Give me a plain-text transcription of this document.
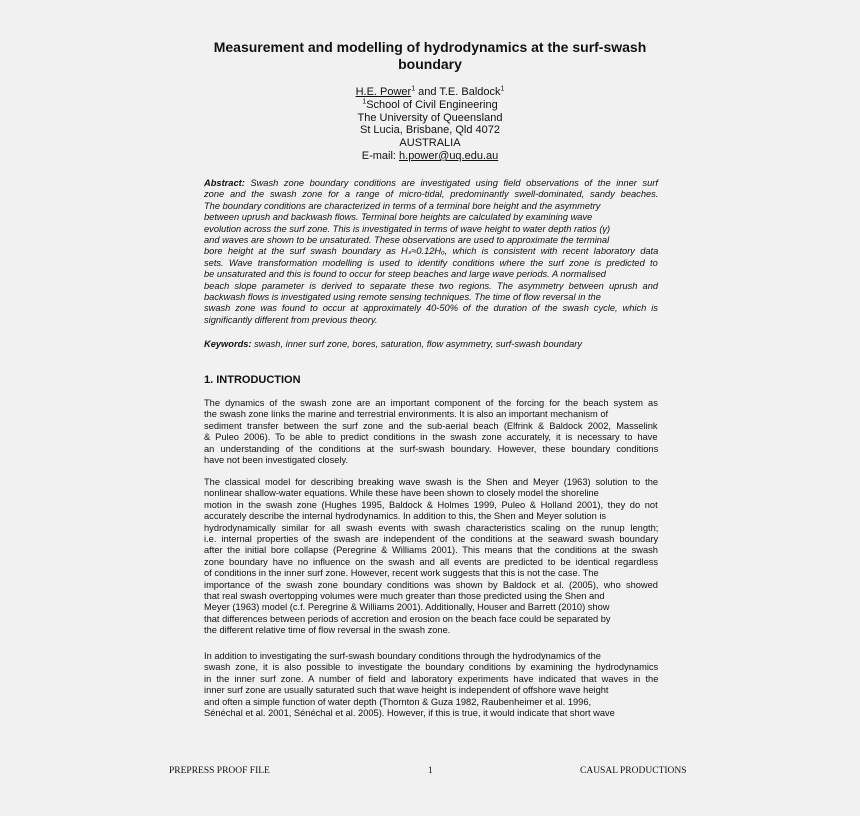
Measurement and modelling of hydrodynamics at the surf-swash
boundary

H.E. Power$^1$ and T.E. Baldock$^1$

$^1$School of Civil Engineering

The University of Queensland

St Lucia, Brisbane, Qld 4072

AUSTRALIA

E-mail: h.power@uq.edu.au

Abstract: Swash zone boundary conditions are investigated using field observations of the inner surf
zone and the swash zone for a range of micro-tidal, predominantly swell-dominated, sandy beaches.
The boundary conditions are characterized in terms of a terminal bore height and the asymmetry
between uprush and backwash flows. Terminal bore heights are calculated by examining wave
evolution across the surf zone. This is investigated in terms of wave height to water depth ratios (γ)
and waves are shown to be unsaturated. These observations are used to approximate the terminal
bore height at the surf swash boundary as Hₛ≈0.12Hₒ, which is consistent with recent laboratory data
sets. Wave transformation modelling is used to identify conditions where the surf zone is predicted to
be unsaturated and this is found to occur for steep beaches and large wave periods. A normalised
beach slope parameter is derived to separate these two regions. The asymmetry between uprush and
backwash flows is investigated using remote sensing techniques. The time of flow reversal in the
swash zone was found to occur at approximately 40-50% of the duration of the swash cycle, which is
significantly different from previous theory.

Keywords: swash, inner surf zone, bores, saturation, flow asymmetry, surf-swash boundary

1. INTRODUCTION
The dynamics of the swash zone are an important component of the forcing for the beach system as
the swash zone links the marine and terrestrial environments. It is also an important mechanism of
sediment transfer between the surf zone and the sub-aerial beach (Elfrink & Baldock 2002, Masselink
& Puleo 2006). To be able to predict conditions in the swash zone accurately, it is necessary to have
an understanding of the conditions at the surf-swash boundary. However, these boundary conditions
have not been investigated closely.
The classical model for describing breaking wave swash is the Shen and Meyer (1963) solution to the
nonlinear shallow-water equations. While these have been shown to closely model the shoreline
motion in the swash zone (Hughes 1995, Baldock & Holmes 1999, Puleo & Holland 2001), they do not
accurately describe the internal hydrodynamics. In addition to this, the Shen and Meyer solution is
hydrodynamically similar for all swash events with swash characteristics scaling on the runup length;
i.e. internal properties of the swash are independent of the conditions at the seaward swash boundary
after the initial bore collapse (Peregrine & Williams 2001). This means that the conditions at the swash
zone boundary have no influence on the swash and all events are predicted to be identical regardless
of conditions in the inner surf zone. However, recent work suggests that this is not the case. The
importance of the swash zone boundary conditions was shown by Baldock et al. (2005), who showed
that real swash overtopping volumes were much greater than those predicted using the Shen and
Meyer (1963) model (c.f. Peregrine & Williams 2001). Additionally, Houser and Barrett (2010) show
that differences between periods of accretion and erosion on the beach face could be separated by
the different relative time of flow reversal in the swash zone.
In addition to investigating the surf-swash boundary conditions through the hydrodynamics of the
swash zone, it is also possible to investigate the boundary conditions by examining the hydrodynamics
in the inner surf zone. A number of field and laboratory experiments have indicated that waves in the
inner surf zone are usually saturated such that wave height is independent of offshore wave height
and often a simple function of water depth (Thornton & Guza 1982, Raubenheimer et al. 1996,
Sénéchal et al. 2001, Sénéchal et al. 2005). However, if this is true, it would indicate that short wave
PREPRESS PROOF FILE	1	CAUSAL PRODUCTIONS
